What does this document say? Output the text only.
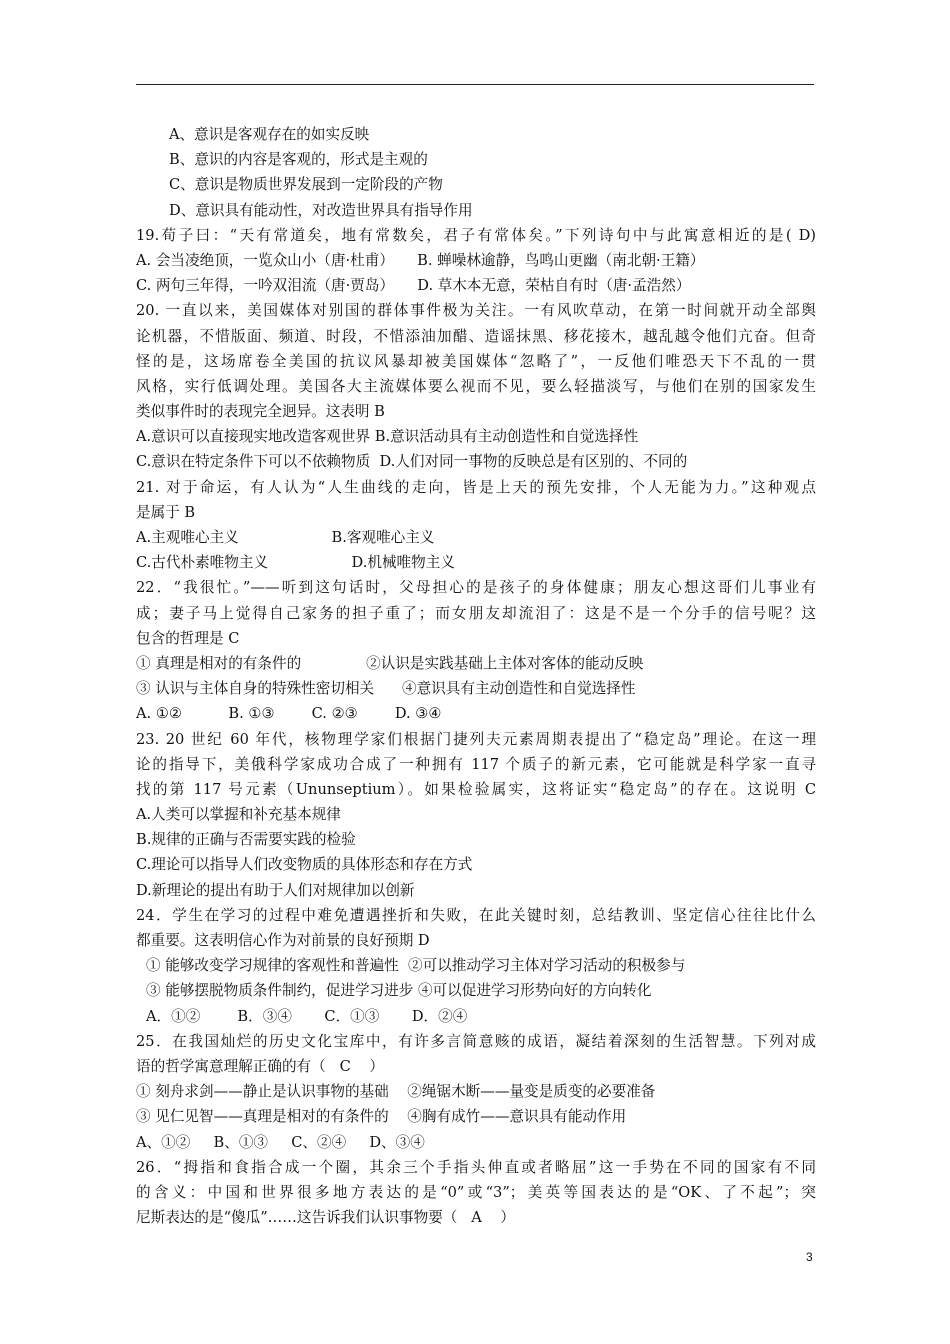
A、意识是客观存在的如实反映
B、意识的内容是客观的，形式是主观的
C、意识是物质世界发展到一定阶段的产物
D、意识具有能动性，对改造世界具有指导作用
19.荀子曰：“天有常道矣，地有常数矣，君子有常体矣。”下列诗句中与此寓意相近的是( D)
A. 会当凌绝顶，一览众山小（唐·杜甫）     B. 蝉噪林逾静，鸟鸣山更幽（南北朝·王籍）
C. 两句三年得，一吟双泪流（唐·贾岛）     D. 草木本无意，荣枯自有时（唐·孟浩然）
20. 一直以来，美国媒体对别国的群体事件极为关注。一有风吹草动，在第一时间就开动全部舆
论机器，不惜版面、频道、时段，不惜添油加醋、造谣抹黑、移花接木，越乱越令他们亢奋。但奇
怪的是，这场席卷全美国的抗议风暴却被美国媒体“忽略了”，一反他们唯恐天下不乱的一贯
风格，实行低调处理。美国各大主流媒体要么视而不见，要么轻描淡写，与他们在别的国家发生
类似事件时的表现完全迥异。这表明 B
A.意识可以直接现实地改造客观世界 B.意识活动具有主动创造性和自觉选择性
C.意识在特定条件下可以不依赖物质  D.人们对同一事物的反映总是有区别的、不同的
21. 对于命运，有人认为“人生曲线的走向，皆是上天的预先安排，个人无能为力。”这种观点
是属于 B
A.主观唯心主义                    B.客观唯心主义
C.古代朴素唯物主义                  D.机械唯物主义
22．“我很忙。”——听到这句话时，父母担心的是孩子的身体健康；朋友心想这哥们儿事业有
成；妻子马上觉得自己家务的担子重了；而女朋友却流泪了：这是不是一个分手的信号呢？这
包含的哲理是 C
① 真理是相对的有条件的              ②认识是实践基础上主体对客体的能动反映
③ 认识与主体自身的特殊性密切相关      ④意识具有主动创造性和自觉选择性
A. ①②          B. ①③        C. ②③        D. ③④
23. 20 世纪 60 年代，核物理学家们根据门捷列夫元素周期表提出了“稳定岛”理论。在这一理
论的指导下，美俄科学家成功合成了一种拥有 117 个质子的新元素，它可能就是科学家一直寻
找的第 117 号元素（Ununseptium）。如果检验属实，这将证实“稳定岛”的存在。这说明 C
A.人类可以掌握和补充基本规律
B.规律的正确与否需要实践的检验
C.理论可以指导人们改变物质的具体形态和存在方式
D.新理论的提出有助于人们对规律加以创新
24．学生在学习的过程中难免遭遇挫折和失败，在此关键时刻，总结教训、坚定信心往往比什么
都重要。这表明信心作为对前景的良好预期 D
① 能够改变学习规律的客观性和普遍性  ②可以推动学习主体对学习活动的积极参与
③ 能够摆脱物质条件制约，促进学习进步 ④可以促进学习形势向好的方向转化
A．①②        B．③④       C．①③       D．②④
25．在我国灿烂的历史文化宝库中，有许多言简意赅的成语，凝结着深刻的生活智慧。下列对成
语的哲学寓意理解正确的有（   C    ）
① 刻舟求剑——静止是认识事物的基础    ②绳锯木断——量变是质变的必要准备
③ 见仁见智——真理是相对的有条件的    ④胸有成竹——意识具有能动作用
A、①②     B、①③     C、②④     D、③④
26．“拇指和食指合成一个圈，其余三个手指头伸直或者略屈”这一手势在不同的国家有不同
的含义：中国和世界很多地方表达的是“0”或“3”；美英等国表达的是“OK、了不起”；突
尼斯表达的是“傻瓜”……这告诉我们认识事物要（   A    ）
3
